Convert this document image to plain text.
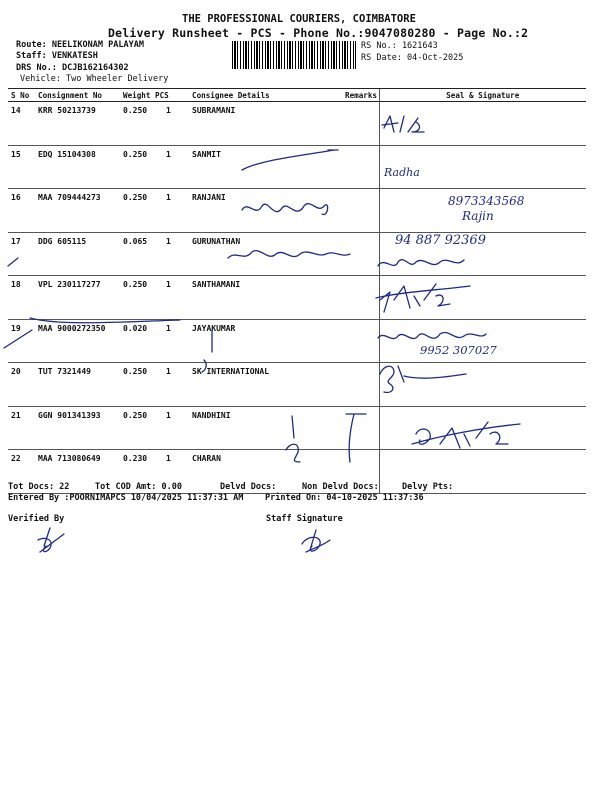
THE PROFESSIONAL COURIERS, COIMBATORE
Delivery Runsheet - PCS - Phone No.:9047080280 - Page No.:2
Route: NEELIKONAM PALAYAM
Staff: VENKATESH
DRS No.: DCJB162164302
Vehicle: Two Wheeler Delivery
RS No.: 1621643
RS Date: 04-Oct-2025
S No	Consignment No	Weight	PCS	Consignee Details	Remarks	Seal & Signature
14	KRR 50213739	0.250	1	SUBRAMANI		
15	EDQ 15104308	0.250	1	SANMIT		
16	MAA 709444273	0.250	1	RANJANI		
17	DDG 605115	0.065	1	GURUNATHAN		
18	VPL 230117277	0.250	1	SANTHAMANI		
19	MAA 9000272350	0.020	1	JAYAKUMAR		
20	TUT 7321449	0.250	1	SK INTERNATIONAL		
21	GGN 901341393	0.250	1	NANDHINI		
22	MAA 713080649	0.230	1	CHARAN		
Radha
8973343568
Rajin
94 887 92369
9952 307027
Tot Docs: 22	Tot COD Amt: 0.00	Delvd Docs:	Non Delvd Docs:	Delvy Pts:
Entered By :POORNIMAPCS 10/04/2025 11:37:31 AM	Printed On: 04-10-2025 11:37:36
Verified By	Staff Signature
